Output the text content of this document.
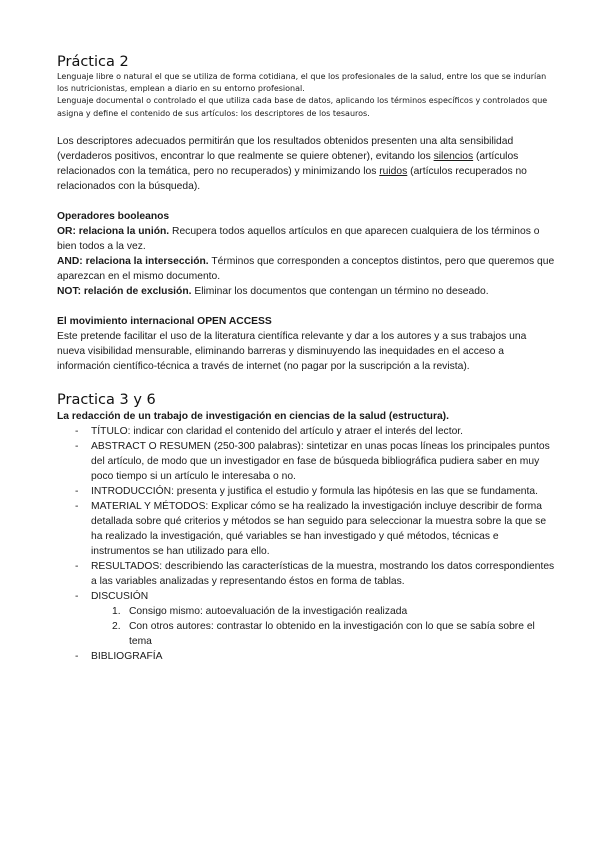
Práctica 2

Lenguaje libre o natural el que se utiliza de forma cotidiana, el que los profesionales de la salud, entre los que se indurían los nutricionistas, emplean a diario en su entorno profesional.

Lenguaje documental o controlado el que utiliza cada base de datos, aplicando los términos específicos y controlados que asigna y define el contenido de sus artículos: los descriptores de los tesauros.

Los descriptores adecuados permitirán que los resultados obtenidos presenten una alta sensibilidad (verdaderos positivos, encontrar lo que realmente se quiere obtener), evitando los silencios (artículos relacionados con la temática, pero no recuperados) y minimizando los ruidos (artículos recuperados no relacionados con la búsqueda).

Operadores booleanos

OR: relaciona la unión. Recupera todos aquellos artículos en que aparecen cualquiera de los términos o bien todos a la vez.

AND: relaciona la intersección. Términos que corresponden a conceptos distintos, pero que queremos que aparezcan en el mismo documento.

NOT: relación de exclusión. Eliminar los documentos que contengan un término no deseado.

El movimiento internacional OPEN ACCESS

Este pretende facilitar el uso de la literatura científica relevante y dar a los autores y a sus trabajos una nueva visibilidad mensurable, eliminando barreras y disminuyendo las inequidades en el acceso a información científico-técnica a través de internet (no pagar por la suscripción a la revista).

Practica 3 y 6

La redacción de un trabajo de investigación en ciencias de la salud (estructura).

- TÍTULO: indicar con claridad el contenido del artículo y atraer el interés del lector.
- ABSTRACT O RESUMEN (250-300 palabras): sintetizar en unas pocas líneas los principales puntos del artículo, de modo que un investigador en fase de búsqueda bibliográfica pudiera saber en muy poco tiempo si un artículo le interesaba o no.
- INTRODUCCIÓN: presenta y justifica el estudio y formula las hipótesis en las que se fundamenta.
- MATERIAL Y MÉTODOS: Explicar cómo se ha realizado la investigación incluye describir de forma detallada sobre qué criterios y métodos se han seguido para seleccionar la muestra sobre la que se ha realizado la investigación, qué variables se han investigado y qué métodos, técnicas e instrumentos se han utilizado para ello.
- RESULTADOS: describiendo las características de la muestra, mostrando los datos correspondientes a las variables analizadas y representando éstos en forma de tablas.
- DISCUSIÓN
1. Consigo mismo: autoevaluación de la investigación realizada
2. Con otros autores: contrastar lo obtenido en la investigación con lo que se sabía sobre el tema
- BIBLIOGRAFÍA
